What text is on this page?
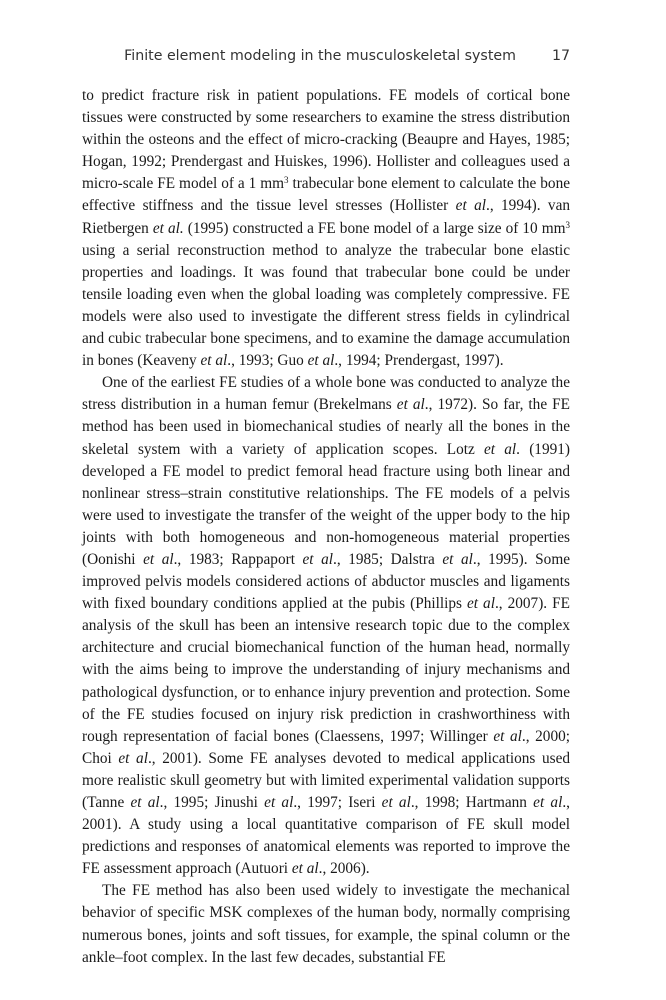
Finite element modeling in the musculoskeletal system	17

to predict fracture risk in patient populations. FE models of cortical bone tissues were constructed by some researchers to examine the stress distribution within the osteons and the effect of micro-cracking (Beaupre and Hayes, 1985; Hogan, 1992; Prendergast and Huiskes, 1996). Hollister and colleagues used a micro-scale FE model of a 1 $mm^3$ trabecular bone element to calculate the bone effective stiffness and the tissue level stresses (Hollister et al., 1994). van Rietbergen et al. (1995) constructed a FE bone model of a large size of 10 $mm^3$ using a serial reconstruction method to analyze the trabecular bone elastic properties and loadings. It was found that trabecular bone could be under tensile loading even when the global loading was completely compressive. FE models were also used to investigate the different stress fields in cylindrical and cubic trabecular bone specimens, and to examine the damage accumulation in bones (Keaveny et al., 1993; Guo et al., 1994; Prendergast, 1997).

One of the earliest FE studies of a whole bone was conducted to analyze the stress distribution in a human femur (Brekelmans et al., 1972). So far, the FE method has been used in biomechanical studies of nearly all the bones in the skeletal system with a variety of application scopes. Lotz et al. (1991) developed a FE model to predict femoral head fracture using both linear and nonlinear stress–strain constitutive relationships. The FE models of a pelvis were used to investigate the transfer of the weight of the upper body to the hip joints with both homogeneous and non-homogeneous material properties (Oonishi et al., 1983; Rappaport et al., 1985; Dalstra et al., 1995). Some improved pelvis models considered actions of abductor muscles and ligaments with fixed boundary conditions applied at the pubis (Phillips et al., 2007). FE analysis of the skull has been an intensive research topic due to the complex architecture and crucial biomechanical function of the human head, normally with the aims being to improve the understanding of injury mechanisms and pathological dysfunction, or to enhance injury prevention and protection. Some of the FE studies focused on injury risk prediction in crashworthiness with rough representation of facial bones (Claessens, 1997; Willinger et al., 2000; Choi et al., 2001). Some FE analyses devoted to medical applications used more realistic skull geometry but with limited experimental validation supports (Tanne et al., 1995; Jinushi et al., 1997; Iseri et al., 1998; Hartmann et al., 2001). A study using a local quantitative comparison of FE skull model predictions and responses of anatomical elements was reported to improve the FE assessment approach (Autuori et al., 2006).

The FE method has also been used widely to investigate the mechanical behavior of specific MSK complexes of the human body, normally comprising numerous bones, joints and soft tissues, for example, the spinal column or the ankle–foot complex. In the last few decades, substantial FE
